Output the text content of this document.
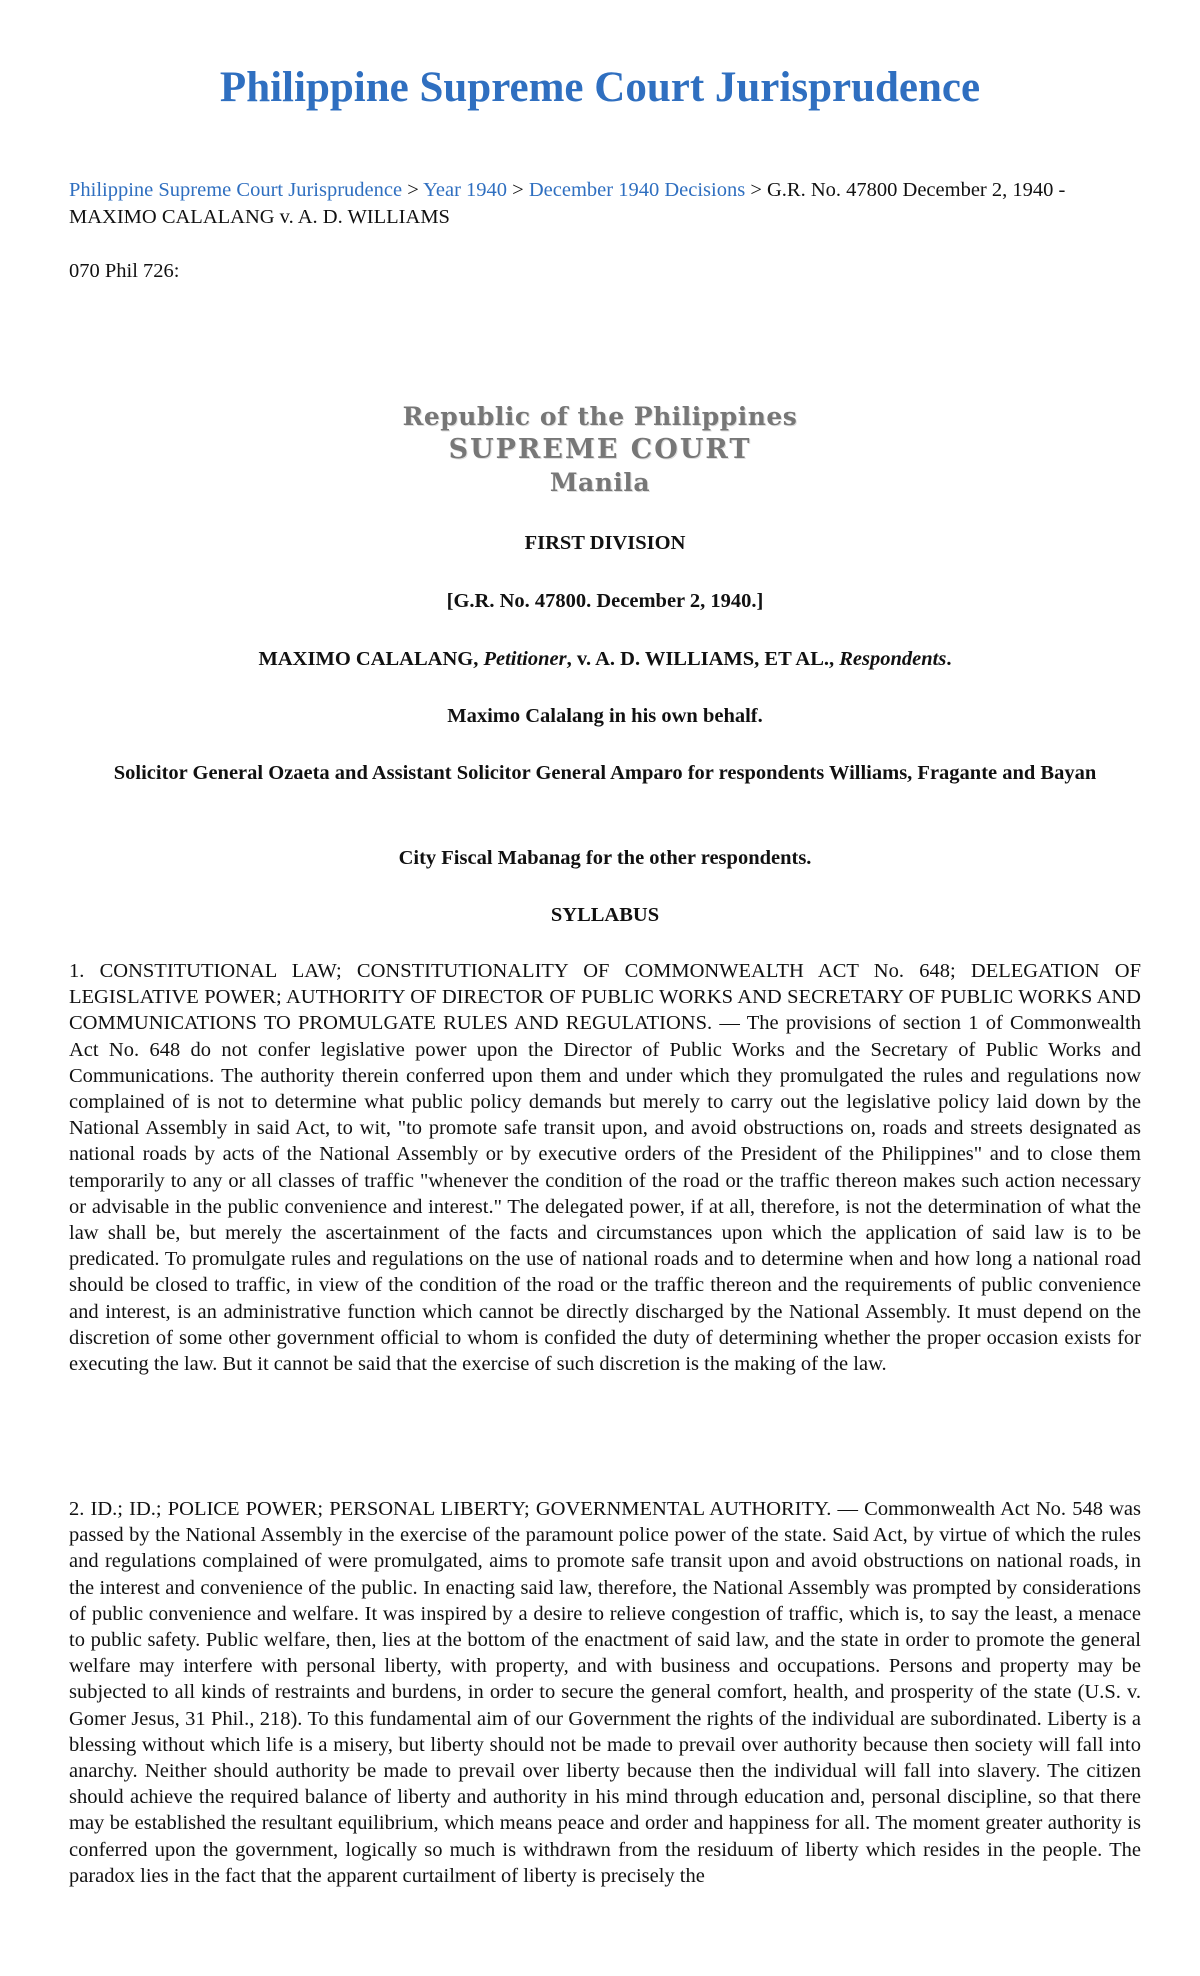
Philippine Supreme Court Jurisprudence
Philippine Supreme Court Jurisprudence > Year 1940 > December 1940 Decisions > G.R. No. 47800 December 2, 1940 - MAXIMO CALALANG v. A. D. WILLIAMS
070 Phil 726:
Republic of the Philippines
SUPREME COURT
Manila
FIRST DIVISION
[G.R. No. 47800. December 2, 1940.]
MAXIMO CALALANG, Petitioner, v. A. D. WILLIAMS, ET AL., Respondents.
Maximo Calalang in his own behalf.
Solicitor General Ozaeta and Assistant Solicitor General Amparo for respondents Williams, Fragante and Bayan
City Fiscal Mabanag for the other respondents.
SYLLABUS

1. CONSTITUTIONAL LAW; CONSTITUTIONALITY OF COMMONWEALTH ACT No. 648; DELEGATION OF LEGISLATIVE POWER; AUTHORITY OF DIRECTOR OF PUBLIC WORKS AND SECRETARY OF PUBLIC WORKS AND COMMUNICATIONS TO PROMULGATE RULES AND REGULATIONS. — The provisions of section 1 of Commonwealth Act No. 648 do not confer legislative power upon the Director of Public Works and the Secretary of Public Works and Communications. The authority therein conferred upon them and under which they promulgated the rules and regulations now complained of is not to determine what public policy demands but merely to carry out the legislative policy laid down by the National Assembly in said Act, to wit, "to promote safe transit upon, and avoid obstructions on, roads and streets designated as national roads by acts of the National Assembly or by executive orders of the President of the Philippines" and to close them temporarily to any or all classes of traffic "whenever the condition of the road or the traffic thereon makes such action necessary or advisable in the public convenience and interest." The delegated power, if at all, therefore, is not the determination of what the law shall be, but merely the ascertainment of the facts and circumstances upon which the application of said law is to be predicated. To promulgate rules and regulations on the use of national roads and to determine when and how long a national road should be closed to traffic, in view of the condition of the road or the traffic thereon and the requirements of public convenience and interest, is an administrative function which cannot be directly discharged by the National Assembly. It must depend on the discretion of some other government official to whom is confided the duty of determining whether the proper occasion exists for executing the law. But it cannot be said that the exercise of such discretion is the making of the law.

2. ID.; ID.; POLICE POWER; PERSONAL LIBERTY; GOVERNMENTAL AUTHORITY. — Commonwealth Act No. 548 was passed by the National Assembly in the exercise of the paramount police power of the state. Said Act, by virtue of which the rules and regulations complained of were promulgated, aims to promote safe transit upon and avoid obstructions on national roads, in the interest and convenience of the public. In enacting said law, therefore, the National Assembly was prompted by considerations of public convenience and welfare. It was inspired by a desire to relieve congestion of traffic, which is, to say the least, a menace to public safety. Public welfare, then, lies at the bottom of the enactment of said law, and the state in order to promote the general welfare may interfere with personal liberty, with property, and with business and occupations. Persons and property may be subjected to all kinds of restraints and burdens, in order to secure the general comfort, health, and prosperity of the state (U.S. v. Gomer Jesus, 31 Phil., 218). To this fundamental aim of our Government the rights of the individual are subordinated. Liberty is a blessing without which life is a misery, but liberty should not be made to prevail over authority because then society will fall into anarchy. Neither should authority be made to prevail over liberty because then the individual will fall into slavery. The citizen should achieve the required balance of liberty and authority in his mind through education and, personal discipline, so that there may be established the resultant equilibrium, which means peace and order and happiness for all. The moment greater authority is conferred upon the government, logically so much is withdrawn from the residuum of liberty which resides in the people. The paradox lies in the fact that the apparent curtailment of liberty is precisely the
